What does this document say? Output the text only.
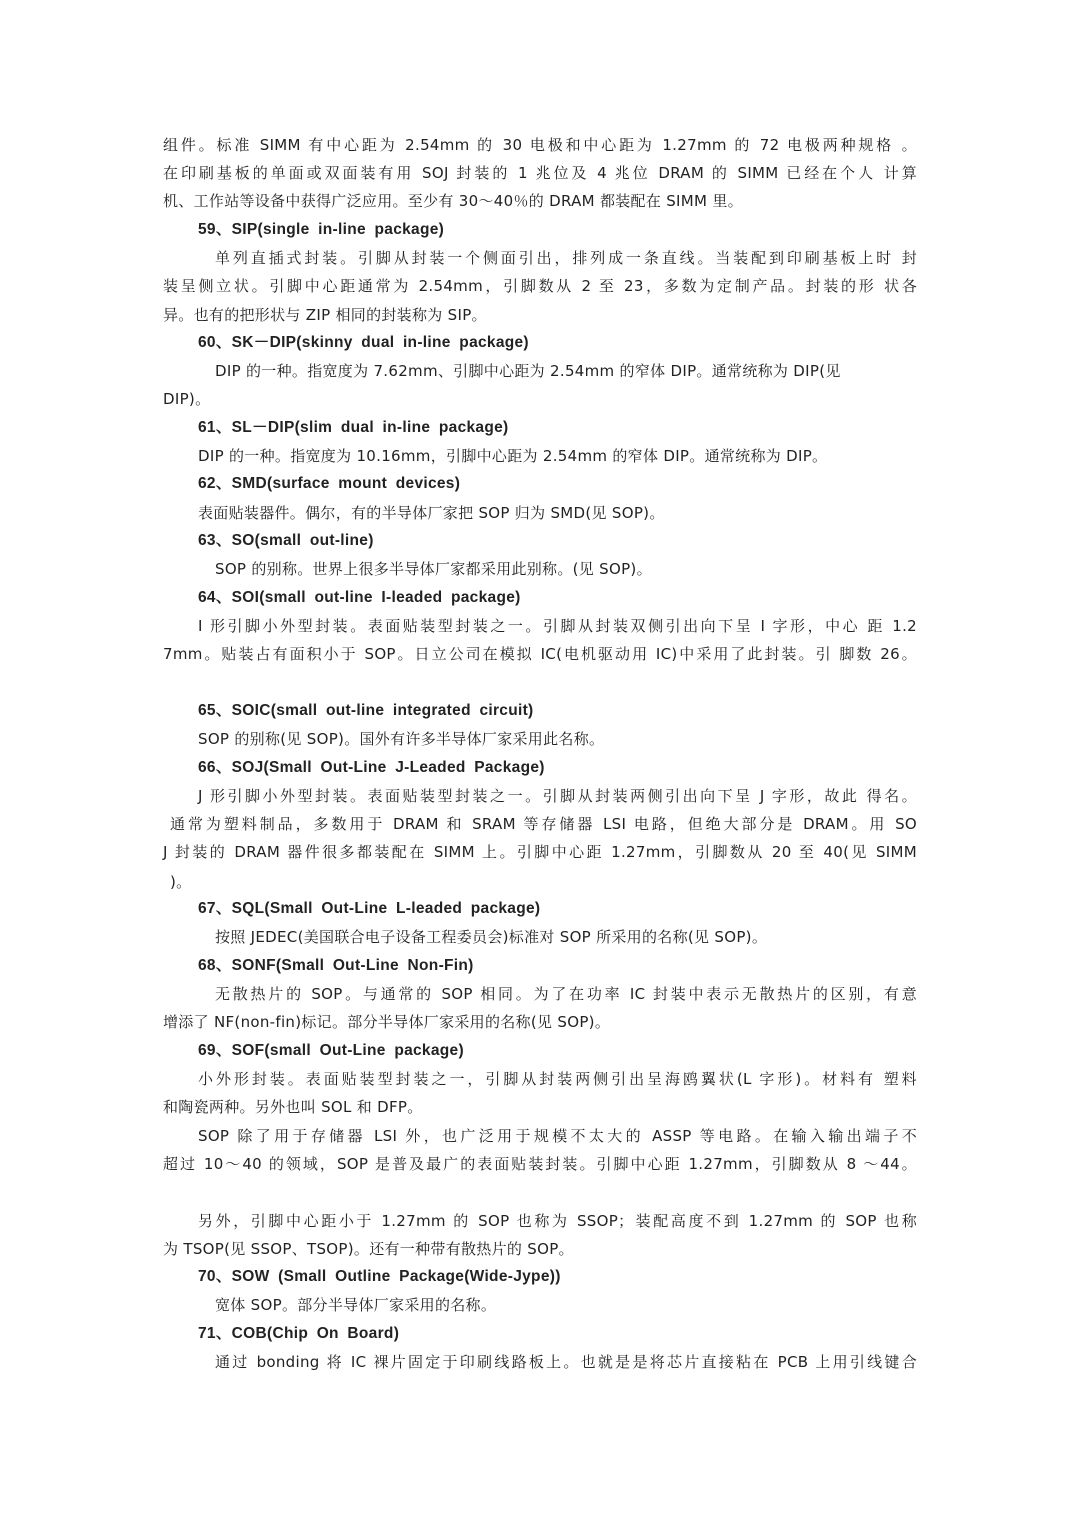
组件。标准 SIMM 有中心距为 2.54mm 的 30 电极和中心距为 1.27mm 的 72 电极两种规格 。
在印刷基板的单面或双面装有用 SOJ 封装的 1 兆位及 4 兆位 DRAM 的 SIMM 已经在个人 计算
机、工作站等设备中获得广泛应用。至少有 30～40％的 DRAM 都装配在 SIMM 里。
59、SIP(single in-line package)
单列直插式封装。引脚从封装一个侧面引出，排列成一条直线。当装配到印刷基板上时 封
装呈侧立状。引脚中心距通常为 2.54mm，引脚数从 2 至 23，多数为定制产品。封装的形 状各
异。也有的把形状与 ZIP 相同的封装称为 SIP。
60、SK－DIP(skinny dual in-line package)
DIP 的一种。指宽度为 7.62mm、引脚中心距为 2.54mm 的窄体 DIP。通常统称为 DIP(见
DIP)。
61、SL－DIP(slim dual in-line package)
DIP 的一种。指宽度为 10.16mm，引脚中心距为 2.54mm 的窄体 DIP。通常统称为 DIP。
62、SMD(surface mount devices)
表面贴装器件。偶尔，有的半导体厂家把 SOP 归为 SMD(见 SOP)。
63、SO(small out-line)
SOP 的别称。世界上很多半导体厂家都采用此别称。(见 SOP)。
64、SOI(small out-line I-leaded package)
I 形引脚小外型封装。表面贴装型封装之一。引脚从封装双侧引出向下呈 I 字形，中心 距 1.2
7mm。贴装占有面积小于 SOP。日立公司在模拟 IC(电机驱动用 IC)中采用了此封装。引 脚数 26。
65、SOIC(small out-line integrated circuit)
SOP 的别称(见 SOP)。国外有许多半导体厂家采用此名称。
66、SOJ(Small Out-Line J-Leaded Package)
J 形引脚小外型封装。表面贴装型封装之一。引脚从封装两侧引出向下呈 J 字形，故此 得名。
通常为塑料制品，多数用于 DRAM 和 SRAM 等存储器 LSI 电路，但绝大部分是 DRAM。用 SO
J 封装的 DRAM 器件很多都装配在 SIMM 上。引脚中心距 1.27mm，引脚数从 20 至 40(见 SIMM
)。
67、SQL(Small Out-Line L-leaded package)
按照 JEDEC(美国联合电子设备工程委员会)标准对 SOP 所采用的名称(见 SOP)。
68、SONF(Small Out-Line Non-Fin)
无散热片的 SOP。与通常的 SOP 相同。为了在功率 IC 封装中表示无散热片的区别，有意
增添了 NF(non-fin)标记。部分半导体厂家采用的名称(见 SOP)。
69、SOF(small Out-Line package)
小外形封装。表面贴装型封装之一，引脚从封装两侧引出呈海鸥翼状(L 字形)。材料有 塑料
和陶瓷两种。另外也叫 SOL 和 DFP。
SOP 除了用于存储器 LSI 外，也广泛用于规模不太大的 ASSP 等电路。在输入输出端子不
超过 10～40 的领域，SOP 是普及最广的表面贴装封装。引脚中心距 1.27mm，引脚数从 8 ～44。
另外，引脚中心距小于 1.27mm 的 SOP 也称为 SSOP；装配高度不到 1.27mm 的 SOP 也称
为 TSOP(见 SSOP、TSOP)。还有一种带有散热片的 SOP。
70、SOW (Small Outline Package(Wide-Jype))
宽体 SOP。部分半导体厂家采用的名称。
71、COB(Chip On Board)
通过 bonding 将 IC 裸片固定于印刷线路板上。也就是是将芯片直接粘在 PCB 上用引线键合
